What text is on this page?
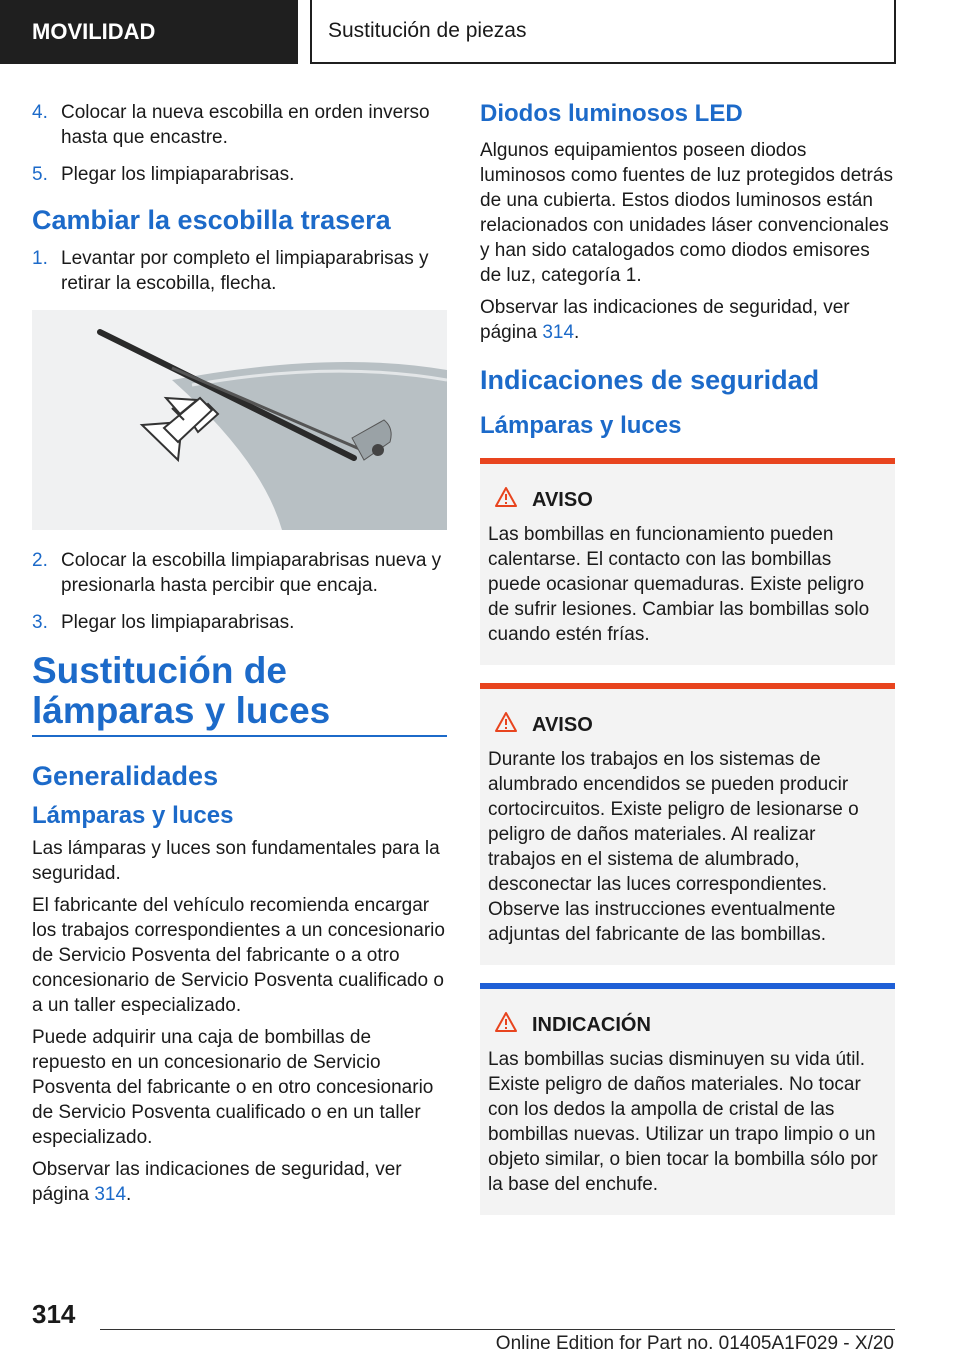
MOVILIDAD	Sustitución de piezas
4. Colocar la nueva escobilla en orden inverso hasta que encastre.
5. Plegar los limpiaparabrisas.
Cambiar la escobilla trasera
1. Levantar por completo el limpiaparabrisas y retirar la escobilla, flecha.
2. Colocar la escobilla limpiaparabrisas nueva y presionarla hasta percibir que encaja.
3. Plegar los limpiaparabrisas.
Sustitución de lámparas y luces
Generalidades
Lámparas y luces

Las lámparas y luces son fundamentales para la seguridad.

El fabricante del vehículo recomienda encargar los trabajos correspondientes a un concesionario de Servicio Posventa del fabricante o a otro concesionario de Servicio Posventa cualificado o a un taller especializado.

Puede adquirir una caja de bombillas de repuesto en un concesionario de Servicio Posventa del fabricante o en otro concesionario de Servicio Posventa cualificado o en un taller especializado.

Observar las indicaciones de seguridad, ver página 314.

Diodos luminosos LED

Algunos equipamientos poseen diodos luminosos como fuentes de luz protegidos detrás de una cubierta. Estos diodos luminosos están relacionados con unidades láser convencionales y han sido catalogados como diodos emisores de luz, categoría 1.

Observar las indicaciones de seguridad, ver página 314.

Indicaciones de seguridad
Lámparas y luces
AVISO
Las bombillas en funcionamiento pueden calentarse. El contacto con las bombillas puede ocasionar quemaduras. Existe peligro de sufrir lesiones. Cambiar las bombillas solo cuando estén frías.
AVISO
Durante los trabajos en los sistemas de alumbrado encendidos se pueden producir cortocircuitos. Existe peligro de lesionarse o peligro de daños materiales. Al realizar trabajos en el sistema de alumbrado, desconectar las luces correspondientes. Observe las instrucciones eventualmente adjuntas del fabricante de las bombillas.
INDICACIÓN
Las bombillas sucias disminuyen su vida útil. Existe peligro de daños materiales. No tocar con los dedos la ampolla de cristal de las bombillas nuevas. Utilizar un trapo limpio o un objeto similar, o bien tocar la bombilla sólo por la base del enchufe.
314
Online Edition for Part no. 01405A1F029 - X/20
